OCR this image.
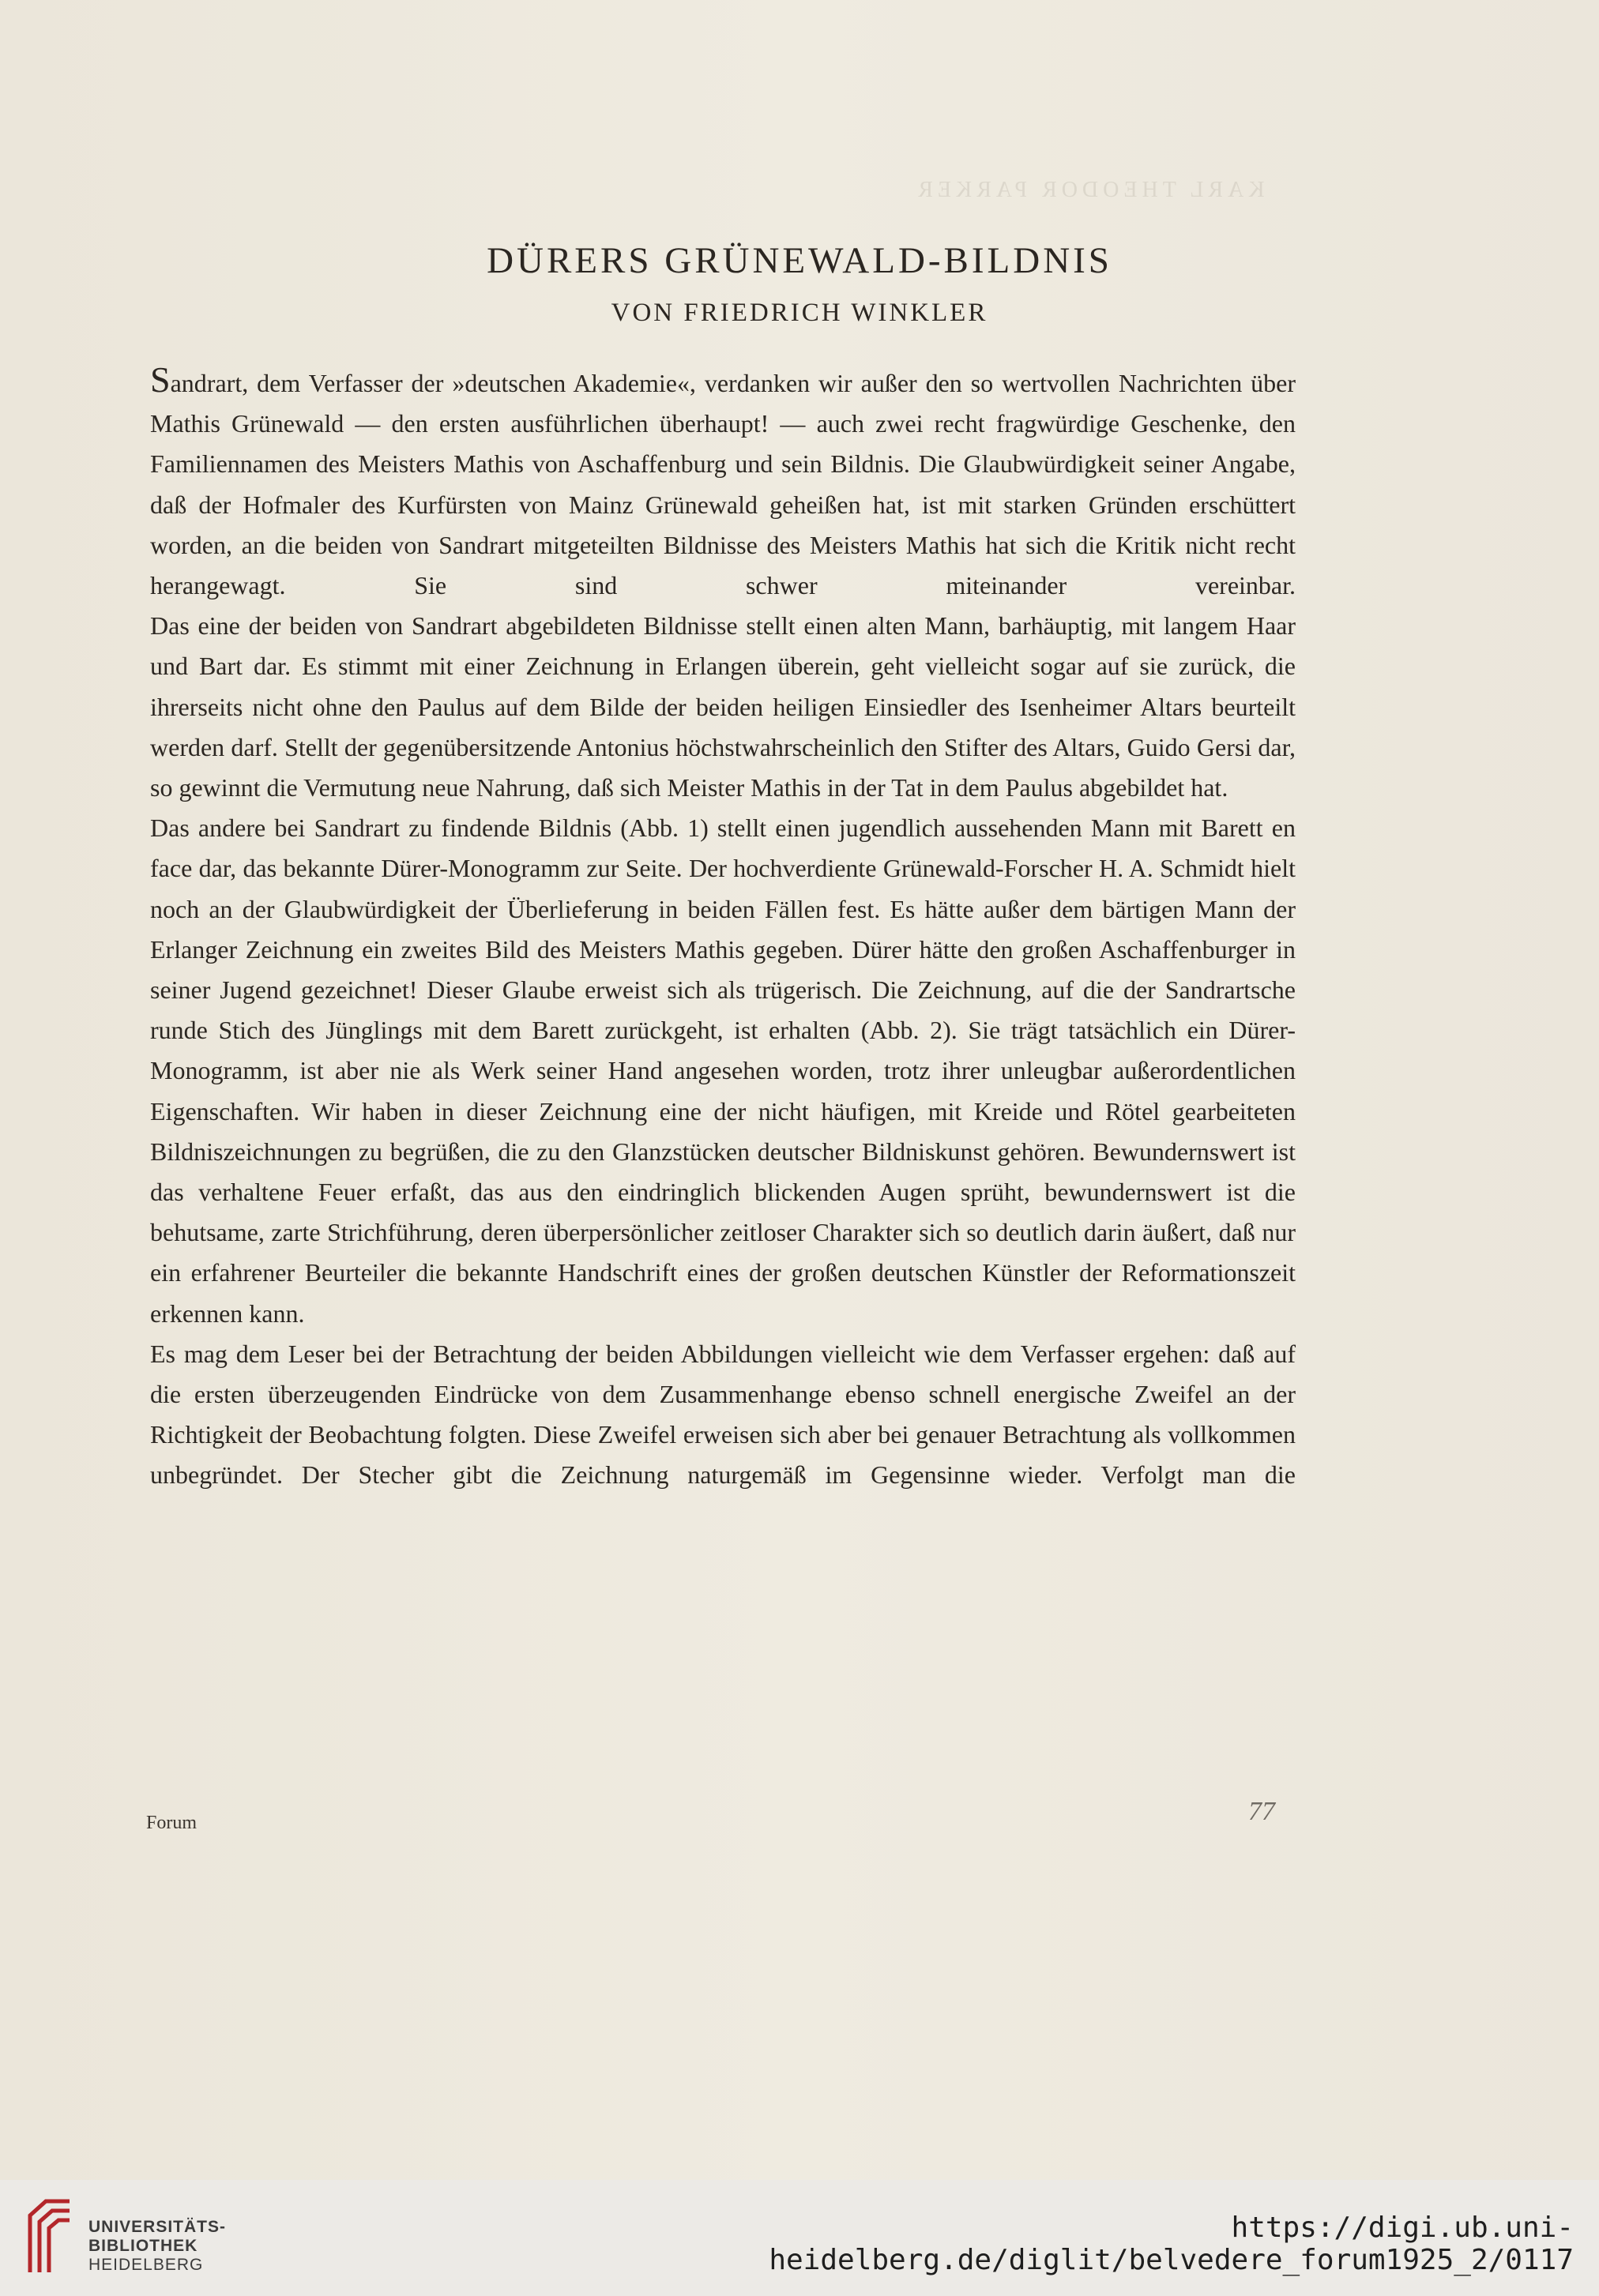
KARL THEODOR PARKER
DÜRERS GRÜNEWALD-BILDNIS
VON FRIEDRICH WINKLER

Sandrart, dem Verfasser der »deutschen Akademie«, verdanken wir außer den so wertvollen Nachrichten über Mathis Grünewald — den ersten ausführlichen überhaupt! — auch zwei recht fragwürdige Geschenke, den Familiennamen des Meisters Mathis von Aschaffenburg und sein Bildnis. Die Glaubwürdigkeit seiner Angabe, daß der Hofmaler des Kurfürsten von Mainz Grünewald geheißen hat, ist mit starken Gründen erschüttert worden, an die beiden von Sandrart mitgeteilten Bildnisse des Meisters Mathis hat sich die Kritik nicht recht herangewagt. Sie sind schwer miteinander vereinbar.

Das eine der beiden von Sandrart abgebildeten Bildnisse stellt einen alten Mann, barhäuptig, mit langem Haar und Bart dar. Es stimmt mit einer Zeichnung in Erlangen überein, geht vielleicht sogar auf sie zurück, die ihrerseits nicht ohne den Paulus auf dem Bilde der beiden heiligen Einsiedler des Isenheimer Altars beurteilt werden darf. Stellt der gegenübersitzende Antonius höchstwahrscheinlich den Stifter des Altars, Guido Gersi dar, so gewinnt die Vermutung neue Nahrung, daß sich Meister Mathis in der Tat in dem Paulus abgebildet hat.

Das andere bei Sandrart zu findende Bildnis (Abb. 1) stellt einen jugendlich aussehenden Mann mit Barett en face dar, das bekannte Dürer-Monogramm zur Seite. Der hochverdiente Grünewald-Forscher H. A. Schmidt hielt noch an der Glaubwürdigkeit der Überlieferung in beiden Fällen fest. Es hätte außer dem bärtigen Mann der Erlanger Zeichnung ein zweites Bild des Meisters Mathis gegeben. Dürer hätte den großen Aschaffenburger in seiner Jugend gezeichnet! Dieser Glaube erweist sich als trügerisch. Die Zeichnung, auf die der Sandrartsche runde Stich des Jünglings mit dem Barett zurückgeht, ist erhalten (Abb. 2). Sie trägt tatsächlich ein Dürer-Monogramm, ist aber nie als Werk seiner Hand angesehen worden, trotz ihrer unleugbar außerordentlichen Eigenschaften. Wir haben in dieser Zeichnung eine der nicht häufigen, mit Kreide und Rötel gearbeiteten Bildniszeichnungen zu begrüßen, die zu den Glanzstücken deutscher Bildniskunst gehören. Bewundernswert ist das verhaltene Feuer erfaßt, das aus den eindringlich blickenden Augen sprüht, bewundernswert ist die behutsame, zarte Strichführung, deren überpersönlicher zeitloser Charakter sich so deutlich darin äußert, daß nur ein erfahrener Beurteiler die bekannte Handschrift eines der großen deutschen Künstler der Reformationszeit erkennen kann.

Es mag dem Leser bei der Betrachtung der beiden Abbildungen vielleicht wie dem Verfasser ergehen: daß auf die ersten überzeugenden Eindrücke von dem Zusammenhange ebenso schnell energische Zweifel an der Richtigkeit der Beobachtung folgten. Diese Zweifel erweisen sich aber bei genauer Betrachtung als vollkommen unbegründet. Der Stecher gibt die Zeichnung naturgemäß im Gegensinne wieder. Verfolgt man die

Forum	77
UNIVERSITÄTS-
BIBLIOTHEK
HEIDELBERG
https://digi.ub.uni-heidelberg.de/diglit/belvedere_forum1925_2/0117
